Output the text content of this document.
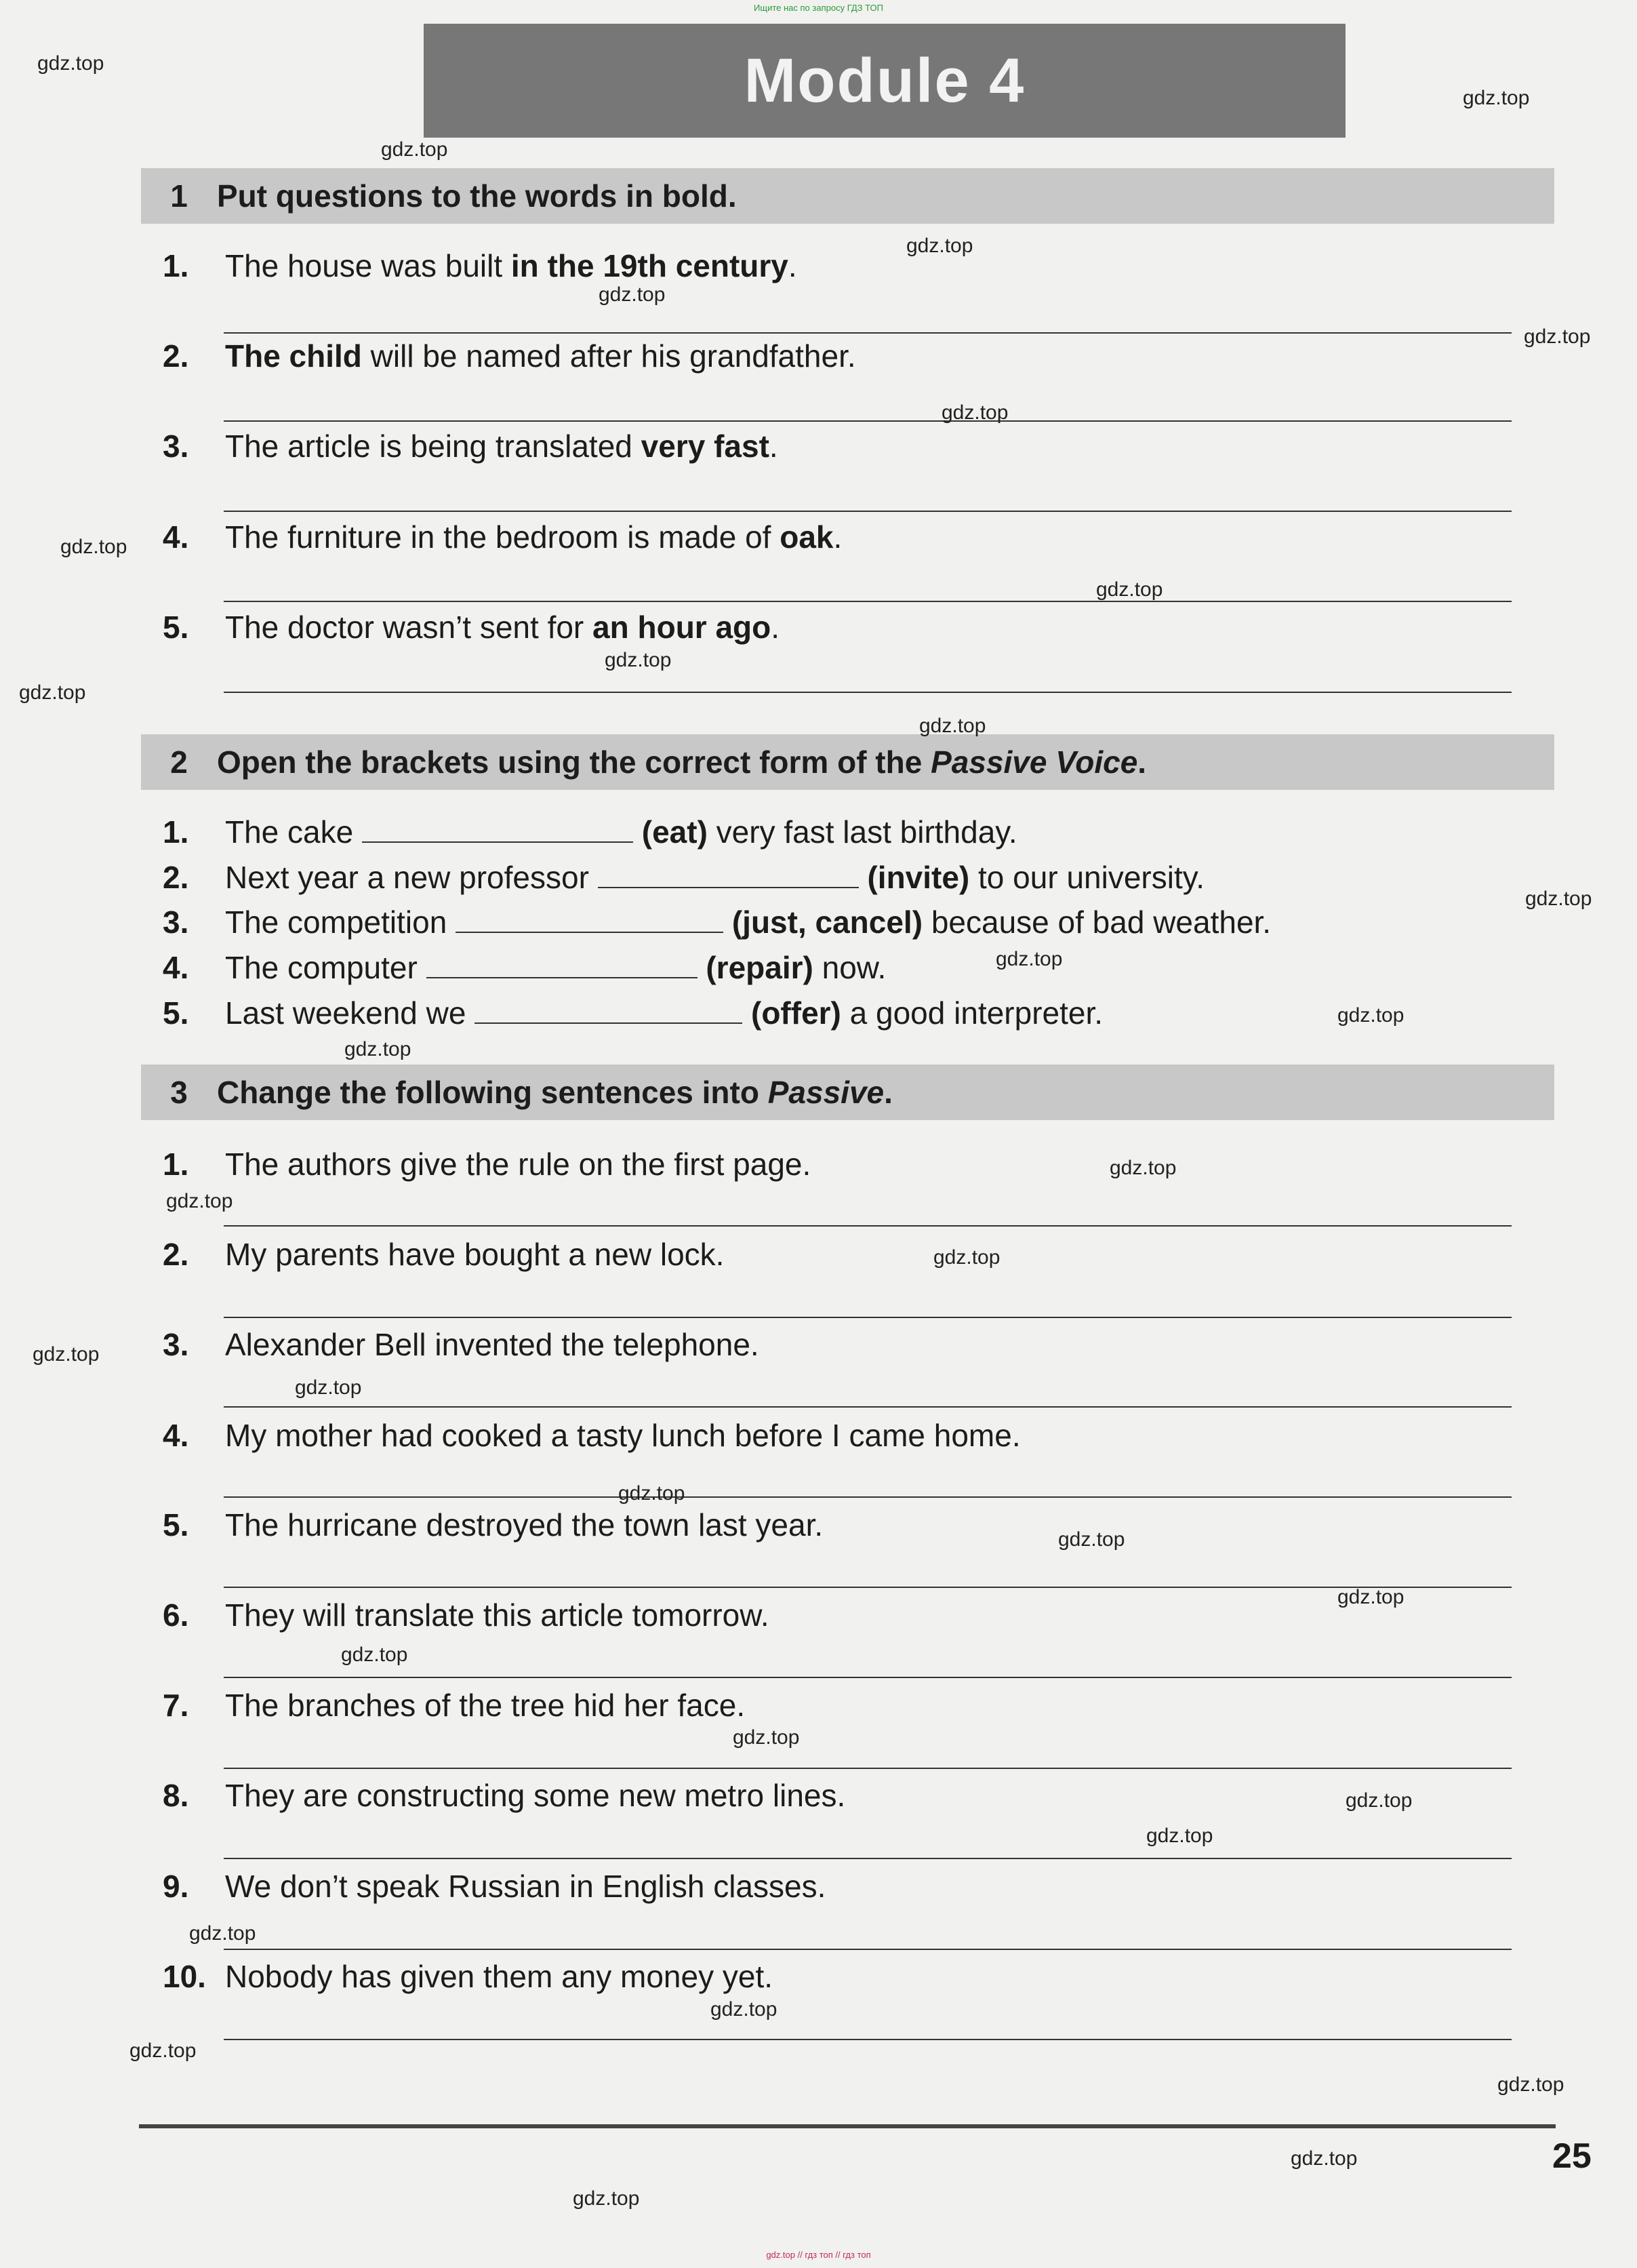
Ищите нас по запросу ГДЗ ТОП
Module 4
1 Put questions to the words in bold.
1. The house was built in the 19th century.
2. The child will be named after his grandfather.
3. The article is being translated very fast.
4. The furniture in the bedroom is made of oak.
5. The doctor wasn’t sent for an hour ago.
2 Open the brackets using the correct form of the Passive Voice.
1. The cake	(eat) very fast last birthday.
2. Next year a new professor	(invite) to our university.
3. The competition	(just, cancel) because of bad weather.
4. The computer	(repair) now.
5. Last weekend we	(offer) a good interpreter.
3 Change the following sentences into Passive.
1. The authors give the rule on the first page.
2. My parents have bought a new lock.
3. Alexander Bell invented the telephone.
4. My mother had cooked a tasty lunch before I came home.
5. The hurricane destroyed the town last year.
6. They will translate this article tomorrow.
7. The branches of the tree hid her face.
8. They are constructing some new metro lines.
9. We don’t speak Russian in English classes.
10. Nobody has given them any money yet.
25
gdz.top
gdz.top
gdz.top
gdz.top
gdz.top
gdz.top
gdz.top
gdz.top
gdz.top
gdz.top
gdz.top
gdz.top
gdz.top
gdz.top
gdz.top
gdz.top
gdz.top
gdz.top
gdz.top
gdz.top
gdz.top
gdz.top
gdz.top
gdz.top
gdz.top
gdz.top
gdz.top
gdz.top
gdz.top
gdz.top
gdz.top
gdz.top
gdz.top
gdz.top
gdz.top // гдз топ // гдз топ
